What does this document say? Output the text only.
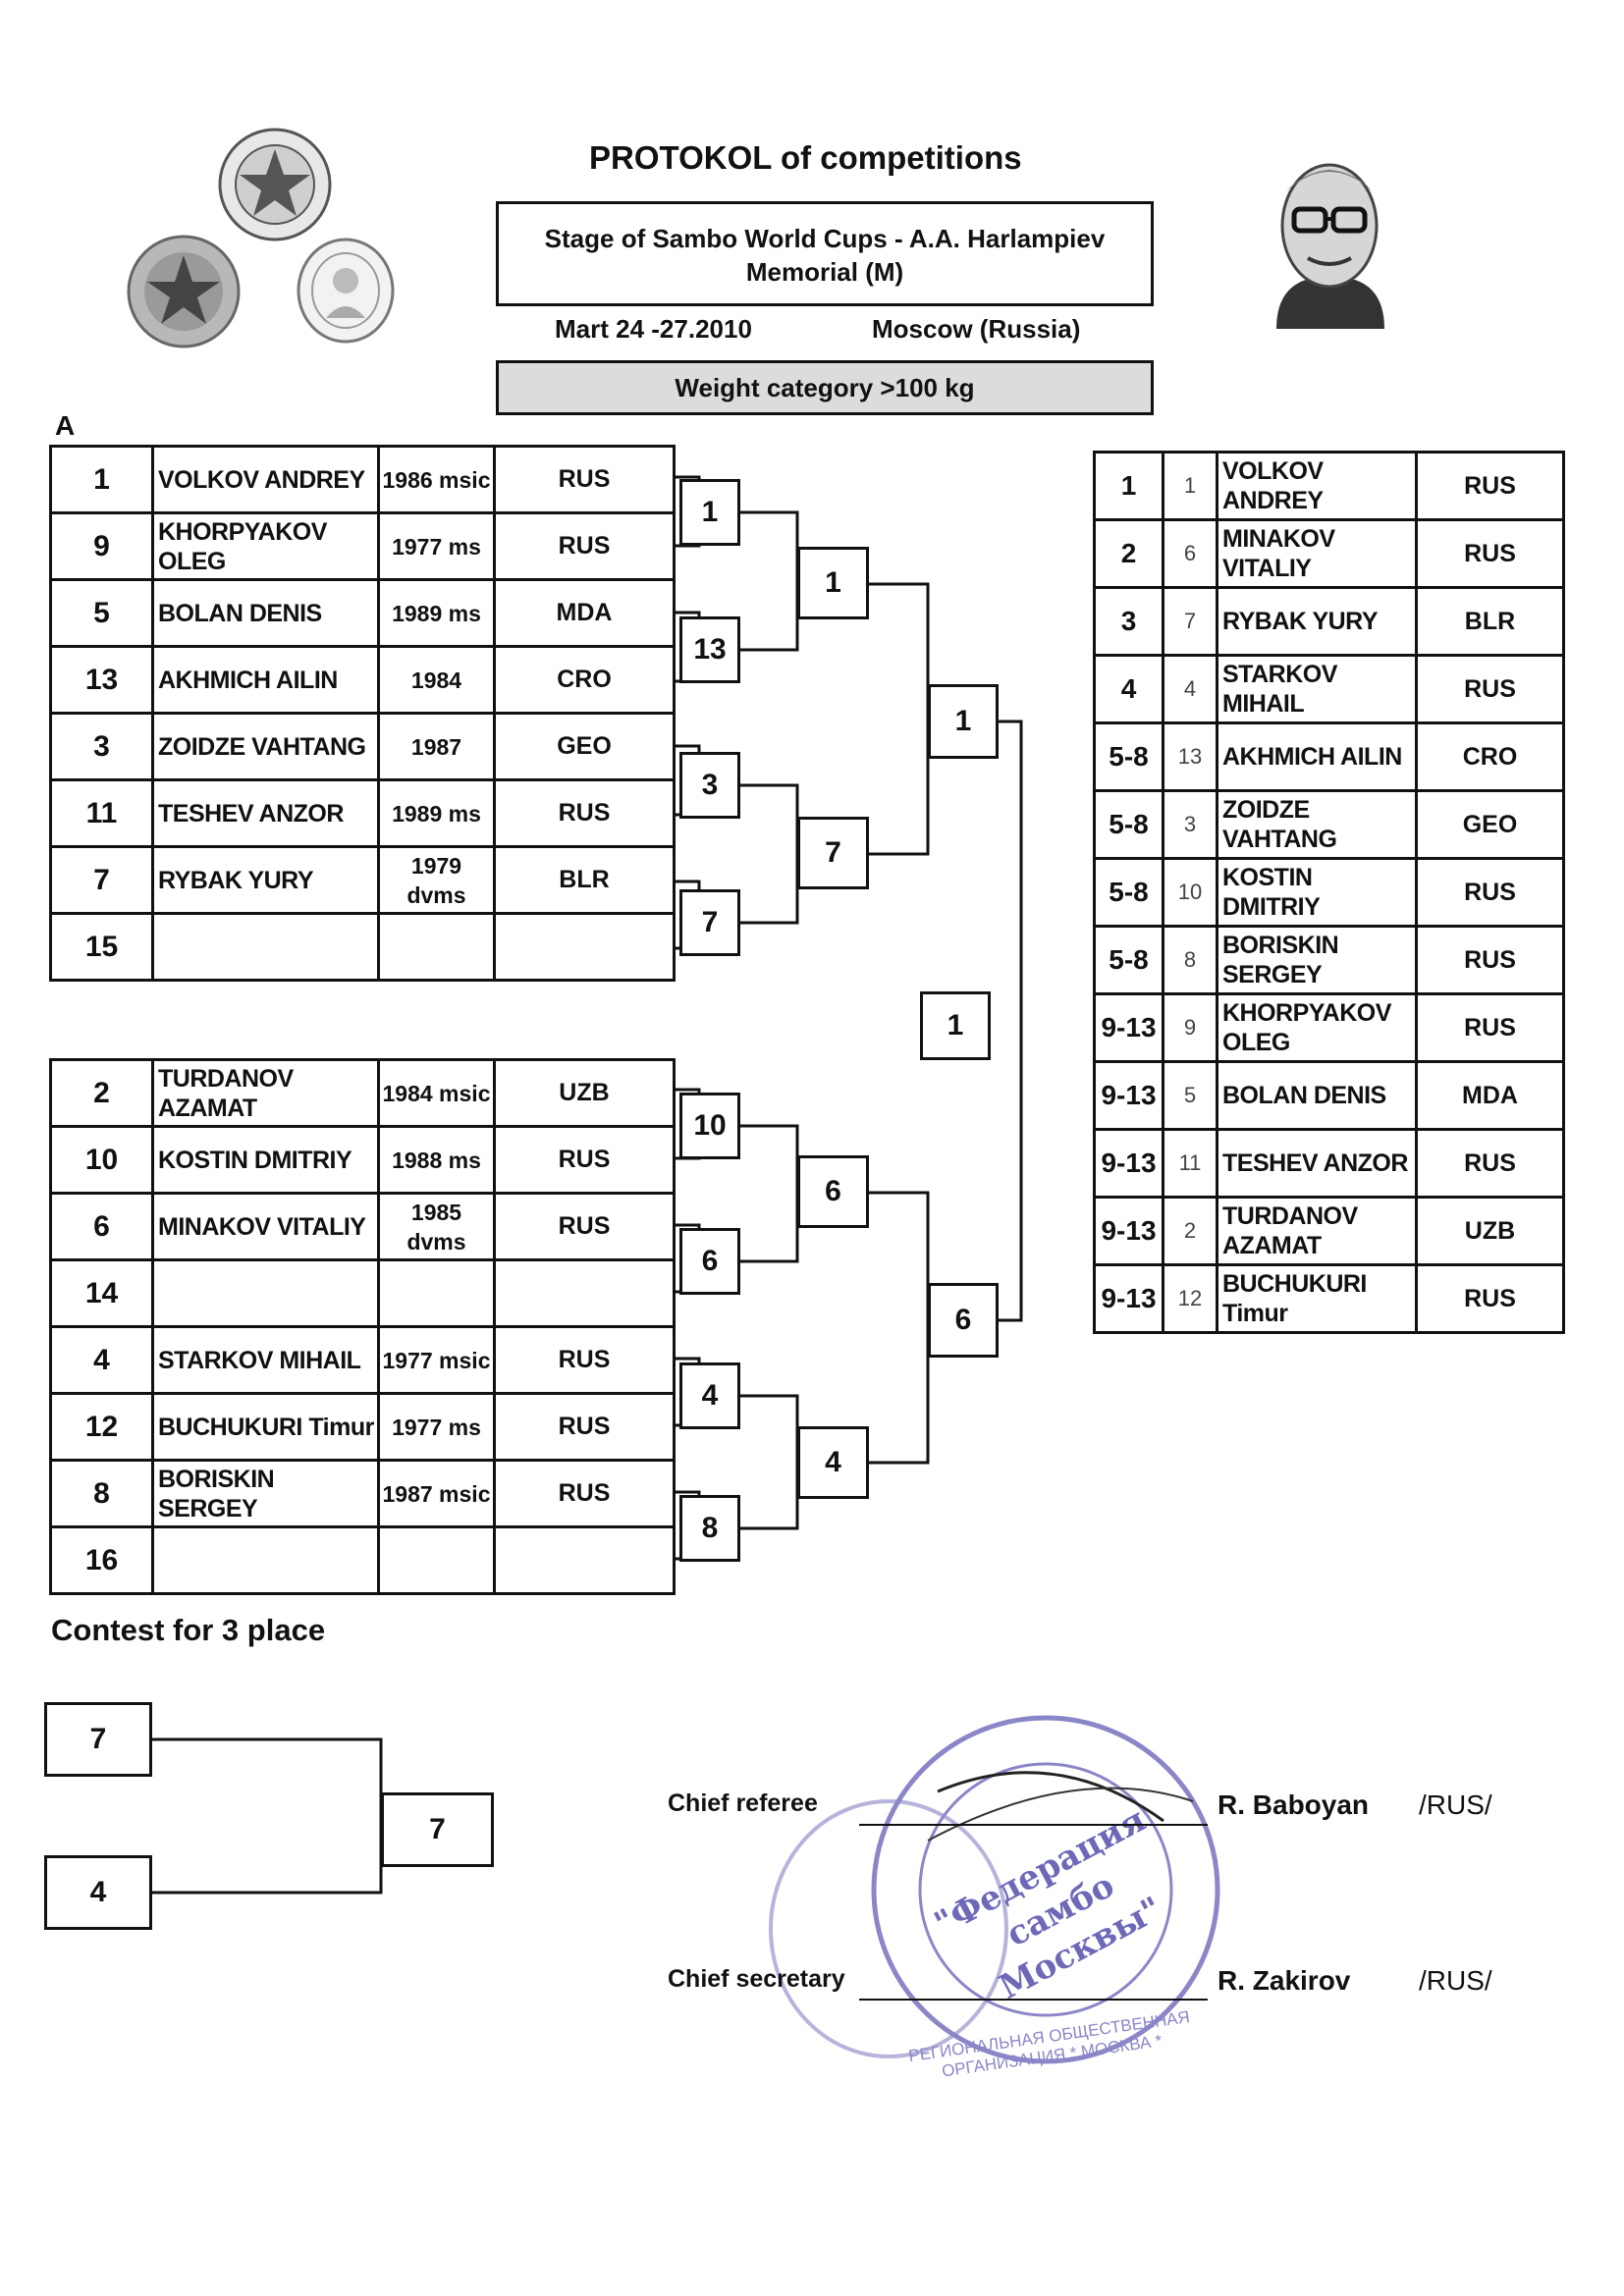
PROTOKOL of competitions
Stage of Sambo World Cups - A.A. Harlampiev
Memorial (M)
Mart 24 -27.2010	Moscow (Russia)
Weight category >100 kg
A
1	VOLKOV ANDREY	1986 msic	RUS
9	KHORPYAKOV OLEG	1977 ms	RUS
5	BOLAN DENIS	1989 ms	MDA
13	AKHMICH AILIN	1984	CRO
3	ZOIDZE VAHTANG	1987	GEO
11	TESHEV ANZOR	1989 ms	RUS
7	RYBAK YURY	1979 dvms	BLR
15			
2	TURDANOV AZAMAT	1984 msic	UZB
10	KOSTIN DMITRIY	1988 ms	RUS
6	MINAKOV VITALIY	1985 dvms	RUS
14			
4	STARKOV MIHAIL	1977 msic	RUS
12	BUCHUKURI Timur	1977 ms	RUS
8	BORISKIN SERGEY	1987 msic	RUS
16			
1	1	VOLKOV ANDREY	RUS
2	6	MINAKOV VITALIY	RUS
3	7	RYBAK YURY	BLR
4	4	STARKOV MIHAIL	RUS
5-8	13	AKHMICH AILIN	CRO
5-8	3	ZOIDZE VAHTANG	GEO
5-8	10	KOSTIN DMITRIY	RUS
5-8	8	BORISKIN SERGEY	RUS
9-13	9	KHORPYAKOV OLEG	RUS
9-13	5	BOLAN DENIS	MDA
9-13	11	TESHEV ANZOR	RUS
9-13	2	TURDANOV AZAMAT	UZB
9-13	12	BUCHUKURI Timur	RUS
1
13
3
7
1
7
1
1
6
6
4
10
6
4
8
Contest for 3 place
7
4
7	"Федерация самбо Москвы"
РЕГИОНАЛЬНАЯ ОБЩЕСТВЕННАЯ ОРГАНИЗАЦИЯ * МОСКВА *
Chief referee	R. Baboyan /RUS/
Chief secretary	R. Zakirov /RUS/
